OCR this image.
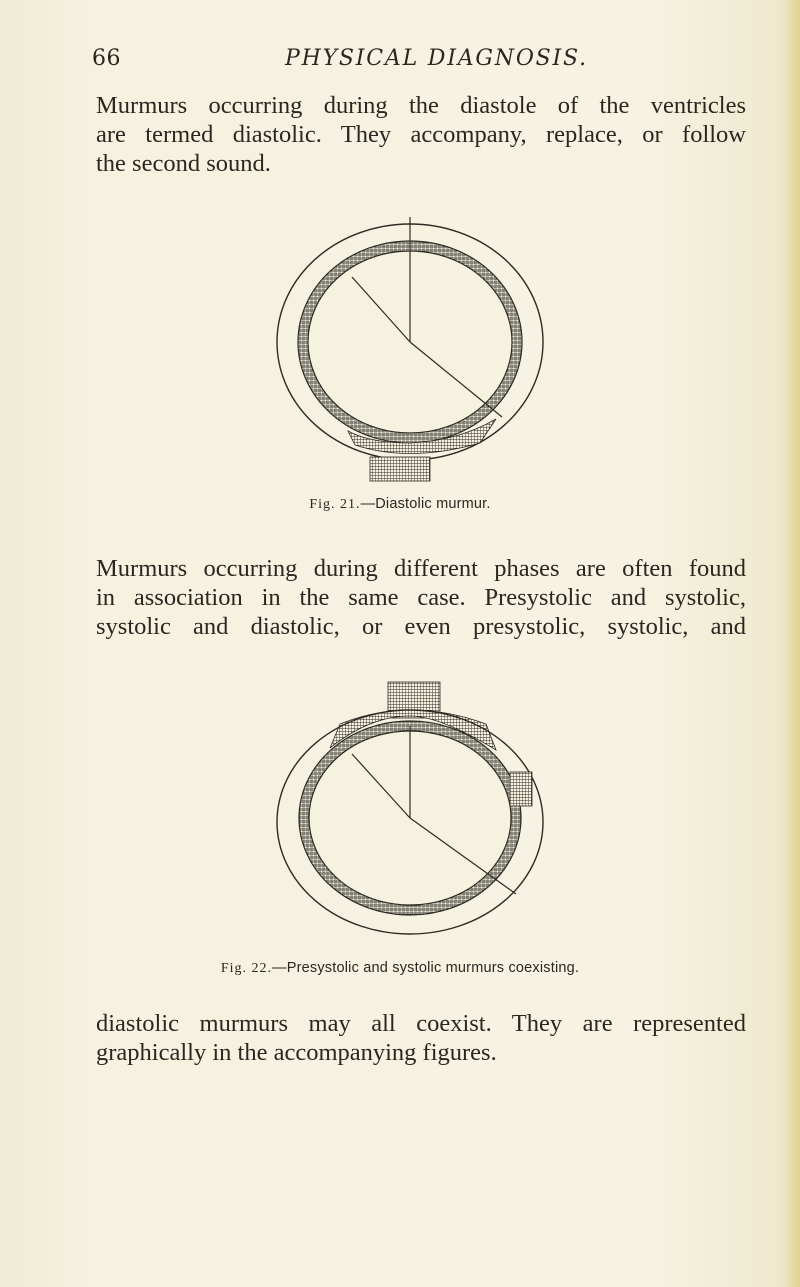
66	PHYSICAL DIAGNOSIS.

Murmurs occurring during the diastole of the ventricles
are termed diastolic. They accompany, replace, or follow
the second sound.

Fig. 21.—Diastolic murmur.

Murmurs occurring during different phases are often found
in association in the same case. Presystolic and systolic,
systolic and diastolic, or even presystolic, systolic, and

Fig. 22.—Presystolic and systolic murmurs coexisting.

diastolic murmurs may all coexist. They are represented
graphically in the accompanying figures.
